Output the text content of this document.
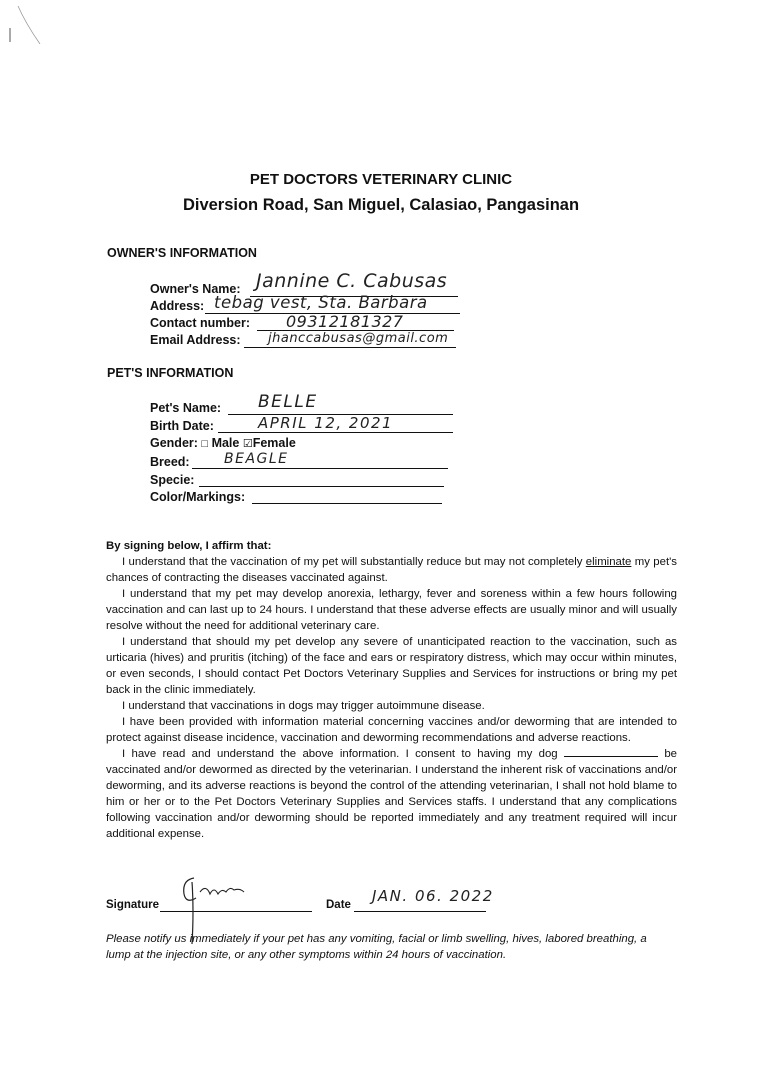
PET DOCTORS VETERINARY CLINIC
Diversion Road, San Miguel, Calasiao, Pangasinan
OWNER'S INFORMATION
Owner's Name: Jannine C. Cabusas
Address: tebag vest, Sta. Barbara
Contact number: 09312181327
Email Address: jhanccabusas@gmail.com
PET'S INFORMATION
Pet's Name: BELLE
Birth Date:	APRIL 12, 2021
Gender: □ Male ☑Female
Breed: BEAGLE
Specie:
Color/Markings:

By signing below, I affirm that:

I understand that the vaccination of my pet will substantially reduce but may not completely eliminate my pet's chances of contracting the diseases vaccinated against.

I understand that my pet may develop anorexia, lethargy, fever and soreness within a few hours following vaccination and can last up to 24 hours. I understand that these adverse effects are usually minor and will usually resolve without the need for additional veterinary care.

I understand that should my pet develop any severe of unanticipated reaction to the vaccination, such as urticaria (hives) and pruritis (itching) of the face and ears or respiratory distress, which may occur within minutes, or even seconds, I should contact Pet Doctors Veterinary Supplies and Services for instructions or bring my pet back in the clinic immediately.

I understand that vaccinations in dogs may trigger autoimmune disease.

I have been provided with information material concerning vaccines and/or deworming that are intended to protect against disease incidence, vaccination and deworming recommendations and adverse reactions.

I have read and understand the above information. I consent to having my dog	be vaccinated and/or dewormed as directed by the veterinarian. I understand the inherent risk of vaccinations and/or deworming, and its adverse reactions is beyond the control of the attending veterinarian, I shall not hold blame to him or her or to the Pet Doctors Veterinary Supplies and Services staffs. I understand that any complications following vaccination and/or deworming should be reported immediately and any treatment required will incur additional expense.

Signature	Date JAN. 06. 2022
Please notify us immediately if your pet has any vomiting, facial or limb swelling, hives, labored breathing, a lump at the injection site, or any other symptoms within 24 hours of vaccination.
